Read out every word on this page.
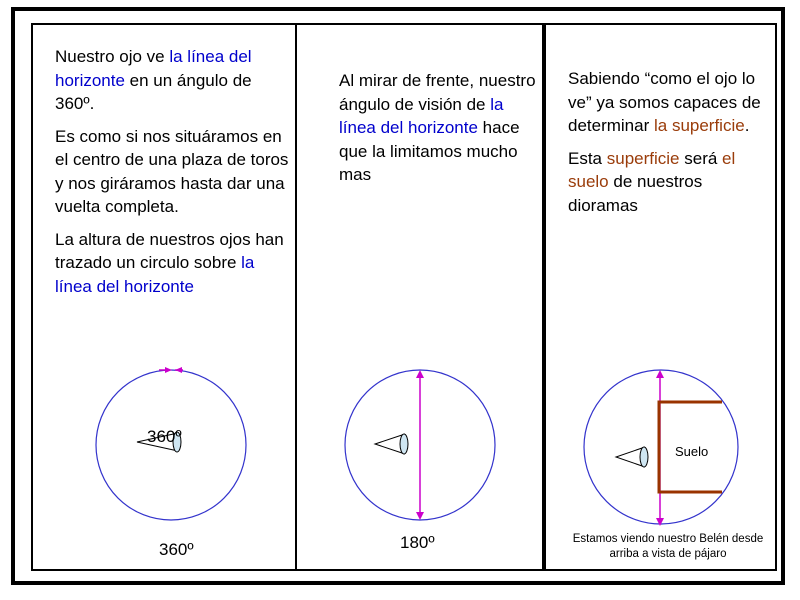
Nuestro ojo ve la línea del horizonte en un ángulo de 360º.

Es como si nos situáramos en el centro de una plaza de toros y nos giráramos hasta dar una vuelta completa.

La altura de nuestros ojos han trazado un circulo sobre la línea del horizonte

360º
360º

Al mirar de frente, nuestro ángulo de visión de la línea del horizonte hace que la limitamos mucho mas

180º

Sabiendo “como el ojo lo ve” ya somos capaces de determinar la superficie.

Esta superficie será el suelo de nuestros dioramas

Suelo
Estamos viendo nuestro Belén desde arriba a vista de pájaro
